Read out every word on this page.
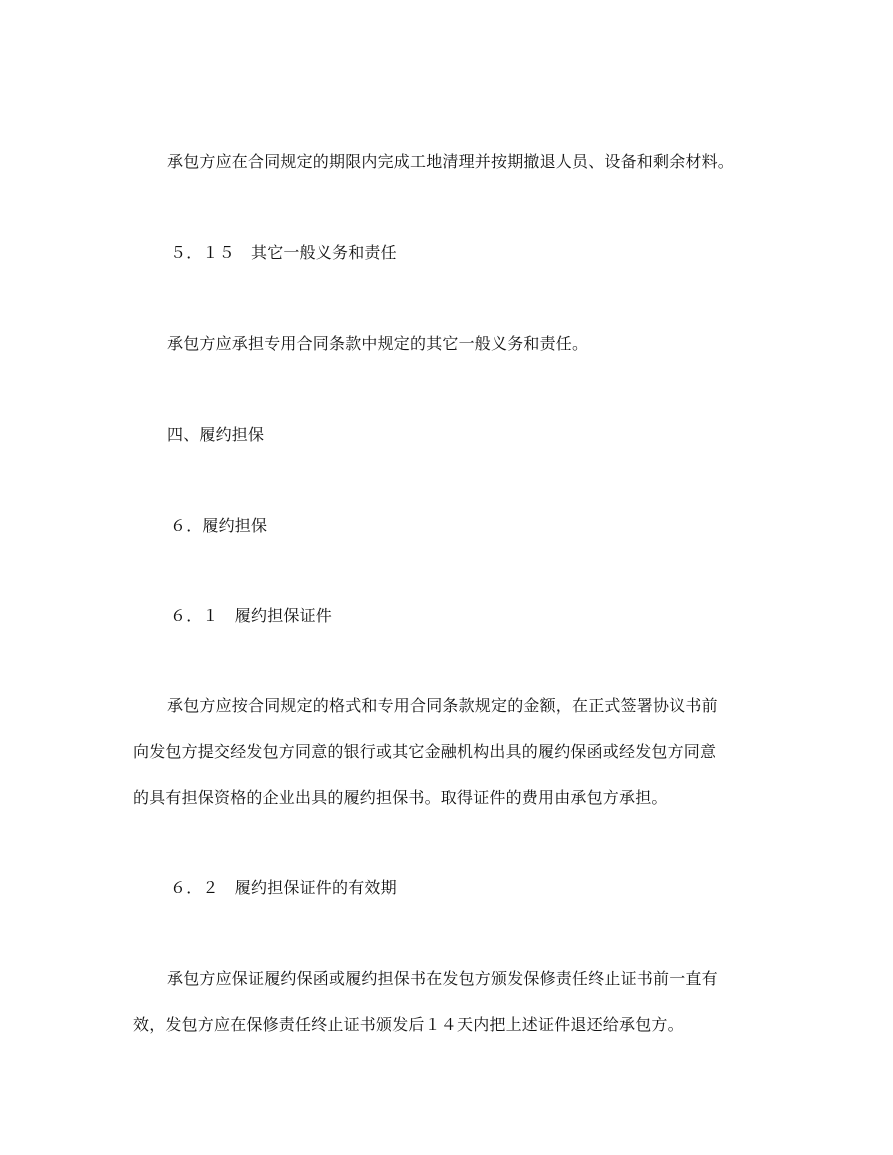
承包方应在合同规定的期限内完成工地清理并按期撤退人员、设备和剩余材料。
５．１５　其它一般义务和责任
承包方应承担专用合同条款中规定的其它一般义务和责任。
四、履约担保
６．履约担保
６．１　履约担保证件
承包方应按合同规定的格式和专用合同条款规定的金额，在正式签署协议书前
向发包方提交经发包方同意的银行或其它金融机构出具的履约保函或经发包方同意
的具有担保资格的企业出具的履约担保书。取得证件的费用由承包方承担。
６．２　履约担保证件的有效期
承包方应保证履约保函或履约担保书在发包方颁发保修责任终止证书前一直有
效，发包方应在保修责任终止证书颁发后１４天内把上述证件退还给承包方。
